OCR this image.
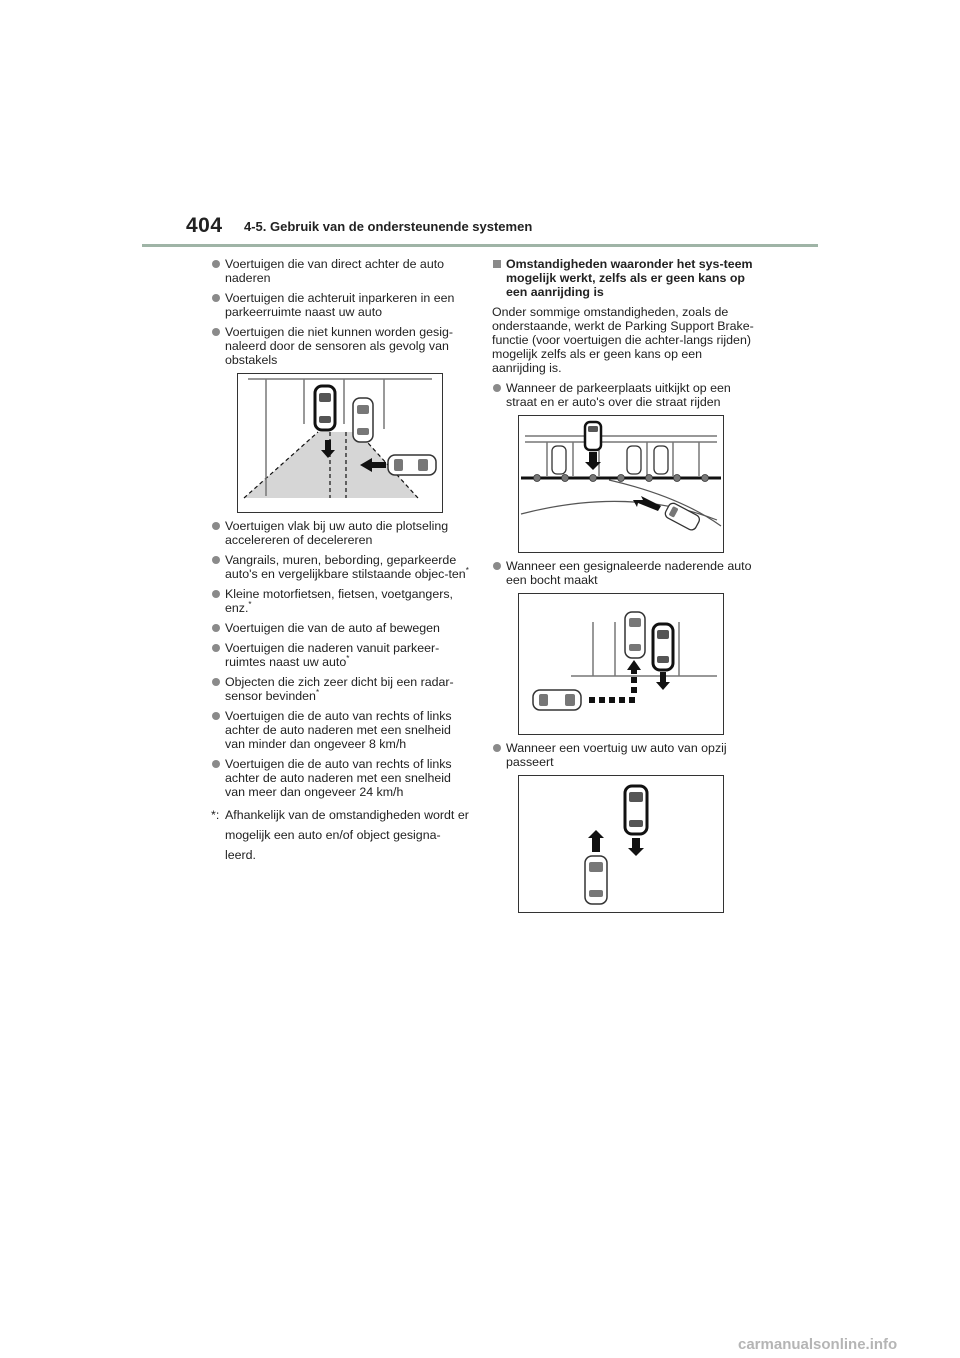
404 4-5. Gebruik van de ondersteunende systemen
Voertuigen die van direct achter de auto naderen
Voertuigen die achteruit inparkeren in een parkeerruimte naast uw auto
Voertuigen die niet kunnen worden gesig-naleerd door de sensoren als gevolg van obstakels
Voertuigen vlak bij uw auto die plotseling accelereren of decelereren
Vangrails, muren, bebording, geparkeerde auto's en vergelijkbare stilstaande objec-ten*
Kleine motorfietsen, fietsen, voetgangers, enz.*
Voertuigen die van de auto af bewegen
Voertuigen die naderen vanuit parkeer-ruimtes naast uw auto*
Objecten die zich zeer dicht bij een radar-sensor bevinden*
Voertuigen die de auto van rechts of links achter de auto naderen met een snelheid van minder dan ongeveer 8 km/h
Voertuigen die de auto van rechts of links achter de auto naderen met een snelheid van meer dan ongeveer 24 km/h
*: Afhankelijk van de omstandigheden wordt er mogelijk een auto en/of object gesigna-leerd.
Omstandigheden waaronder het sys-teem mogelijk werkt, zelfs als er geen kans op een aanrijding is
Onder sommige omstandigheden, zoals de onderstaande, werkt de Parking Support Brake-functie (voor voertuigen die achter-langs rijden) mogelijk zelfs als er geen kans op een aanrijding is.
Wanneer de parkeerplaats uitkijkt op een straat en er auto's over die straat rijden
Wanneer een gesignaleerde naderende auto een bocht maakt
Wanneer een voertuig uw auto van opzij passeert
carmanualsonline.info
